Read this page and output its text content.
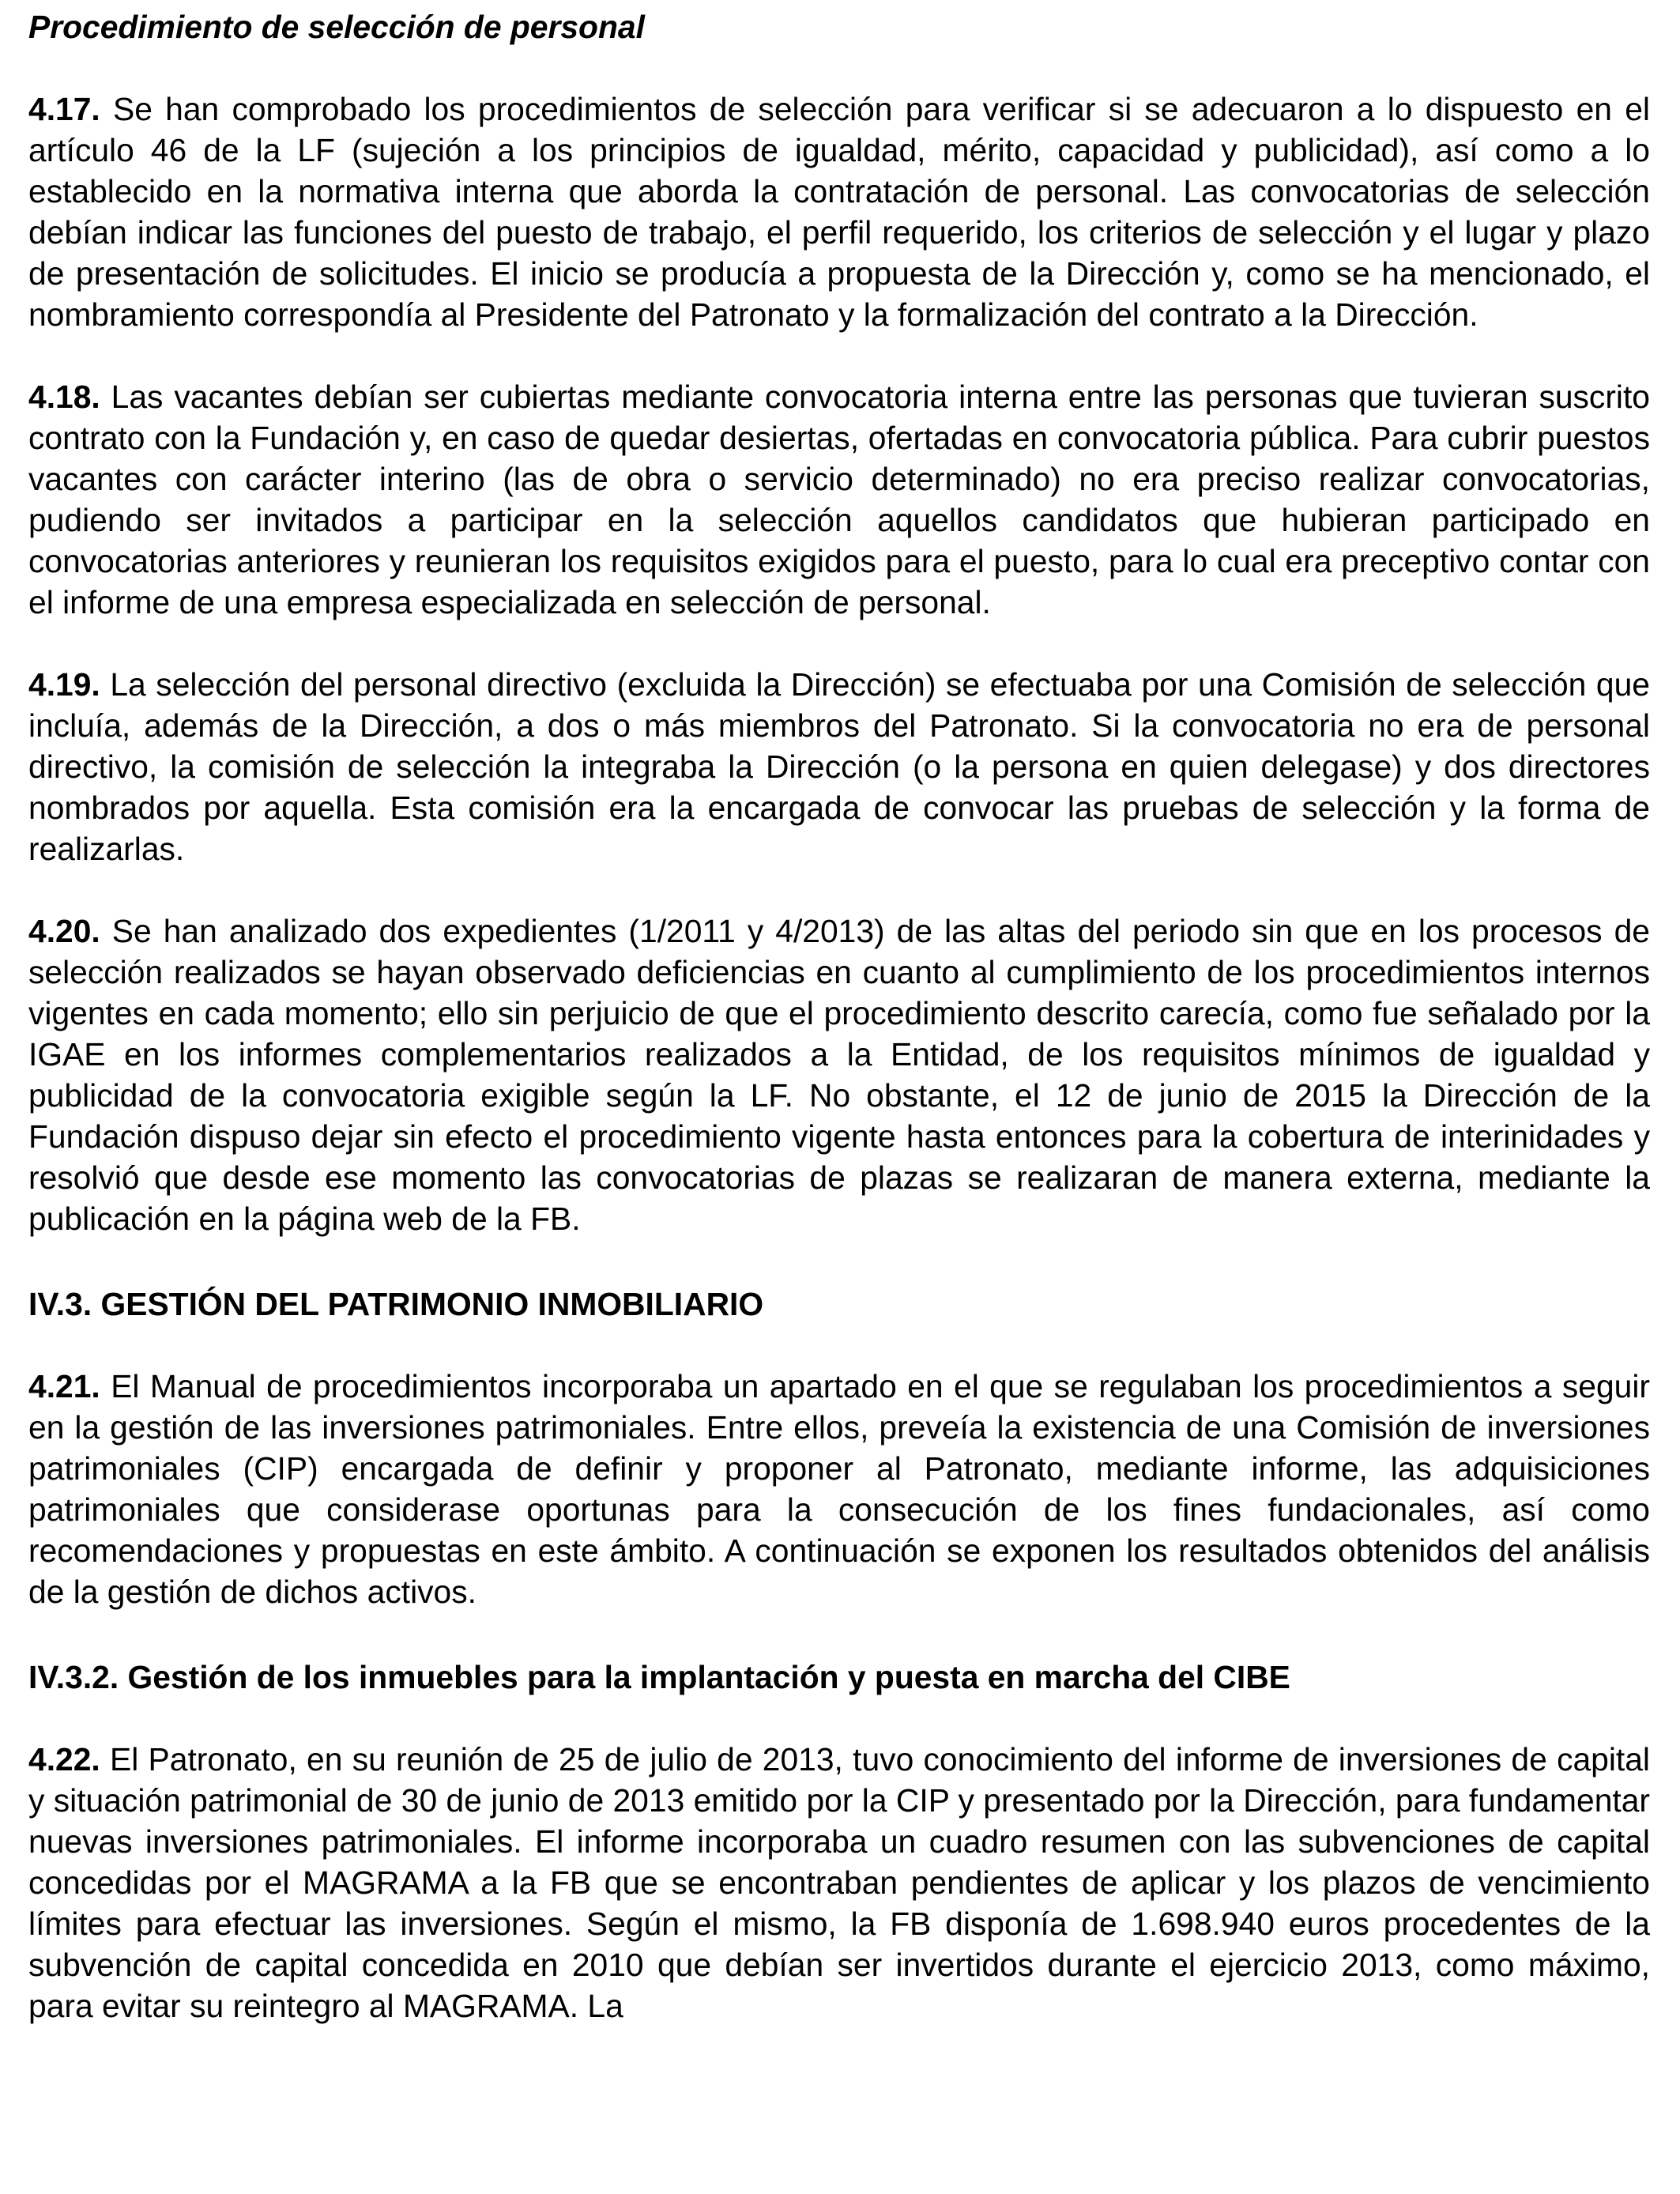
Procedimiento de selección de personal

4.17. Se han comprobado los procedimientos de selección para verificar si se adecuaron a lo dispuesto en el artículo 46 de la LF (sujeción a los principios de igualdad, mérito, capacidad y publicidad), así como a lo establecido en la normativa interna que aborda la contratación de personal. Las convocatorias de selección debían indicar las funciones del puesto de trabajo, el perfil requerido, los criterios de selección y el lugar y plazo de presentación de solicitudes. El inicio se producía a propuesta de la Dirección y, como se ha mencionado, el nombramiento correspondía al Presidente del Patronato y la formalización del contrato a la Dirección.

4.18. Las vacantes debían ser cubiertas mediante convocatoria interna entre las personas que tuvieran suscrito contrato con la Fundación y, en caso de quedar desiertas, ofertadas en convocatoria pública. Para cubrir puestos vacantes con carácter interino (las de obra o servicio determinado) no era preciso realizar convocatorias, pudiendo ser invitados a participar en la selección aquellos candidatos que hubieran participado en convocatorias anteriores y reunieran los requisitos exigidos para el puesto, para lo cual era preceptivo contar con el informe de una empresa especializada en selección de personal.

4.19. La selección del personal directivo (excluida la Dirección) se efectuaba por una Comisión de selección que incluía, además de la Dirección, a dos o más miembros del Patronato. Si la convocatoria no era de personal directivo, la comisión de selección la integraba la Dirección (o la persona en quien delegase) y dos directores nombrados por aquella. Esta comisión era la encargada de convocar las pruebas de selección y la forma de realizarlas.

4.20. Se han analizado dos expedientes (1/2011 y 4/2013) de las altas del periodo sin que en los procesos de selección realizados se hayan observado deficiencias en cuanto al cumplimiento de los procedimientos internos vigentes en cada momento; ello sin perjuicio de que el procedimiento descrito carecía, como fue señalado por la IGAE en los informes complementarios realizados a la Entidad, de los requisitos mínimos de igualdad y publicidad de la convocatoria exigible según la LF. No obstante, el 12 de junio de 2015 la Dirección de la Fundación dispuso dejar sin efecto el procedimiento vigente hasta entonces para la cobertura de interinidades y resolvió que desde ese momento las convocatorias de plazas se realizaran de manera externa, mediante la publicación en la página web de la FB.

IV.3. GESTIÓN DEL PATRIMONIO INMOBILIARIO

4.21. El Manual de procedimientos incorporaba un apartado en el que se regulaban los procedimientos a seguir en la gestión de las inversiones patrimoniales. Entre ellos, preveía la existencia de una Comisión de inversiones patrimoniales (CIP) encargada de definir y proponer al Patronato, mediante informe, las adquisiciones patrimoniales que considerase oportunas para la consecución de los fines fundacionales, así como recomendaciones y propuestas en este ámbito. A continuación se exponen los resultados obtenidos del análisis de la gestión de dichos activos.

IV.3.2. Gestión de los inmuebles para la implantación y puesta en marcha del CIBE

4.22. El Patronato, en su reunión de 25 de julio de 2013, tuvo conocimiento del informe de inversiones de capital y situación patrimonial de 30 de junio de 2013 emitido por la CIP y presentado por la Dirección, para fundamentar nuevas inversiones patrimoniales. El informe incorporaba un cuadro resumen con las subvenciones de capital concedidas por el MAGRAMA a la FB que se encontraban pendientes de aplicar y los plazos de vencimiento límites para efectuar las inversiones. Según el mismo, la FB disponía de 1.698.940 euros procedentes de la subvención de capital concedida en 2010 que debían ser invertidos durante el ejercicio 2013, como máximo, para evitar su reintegro al MAGRAMA. La
